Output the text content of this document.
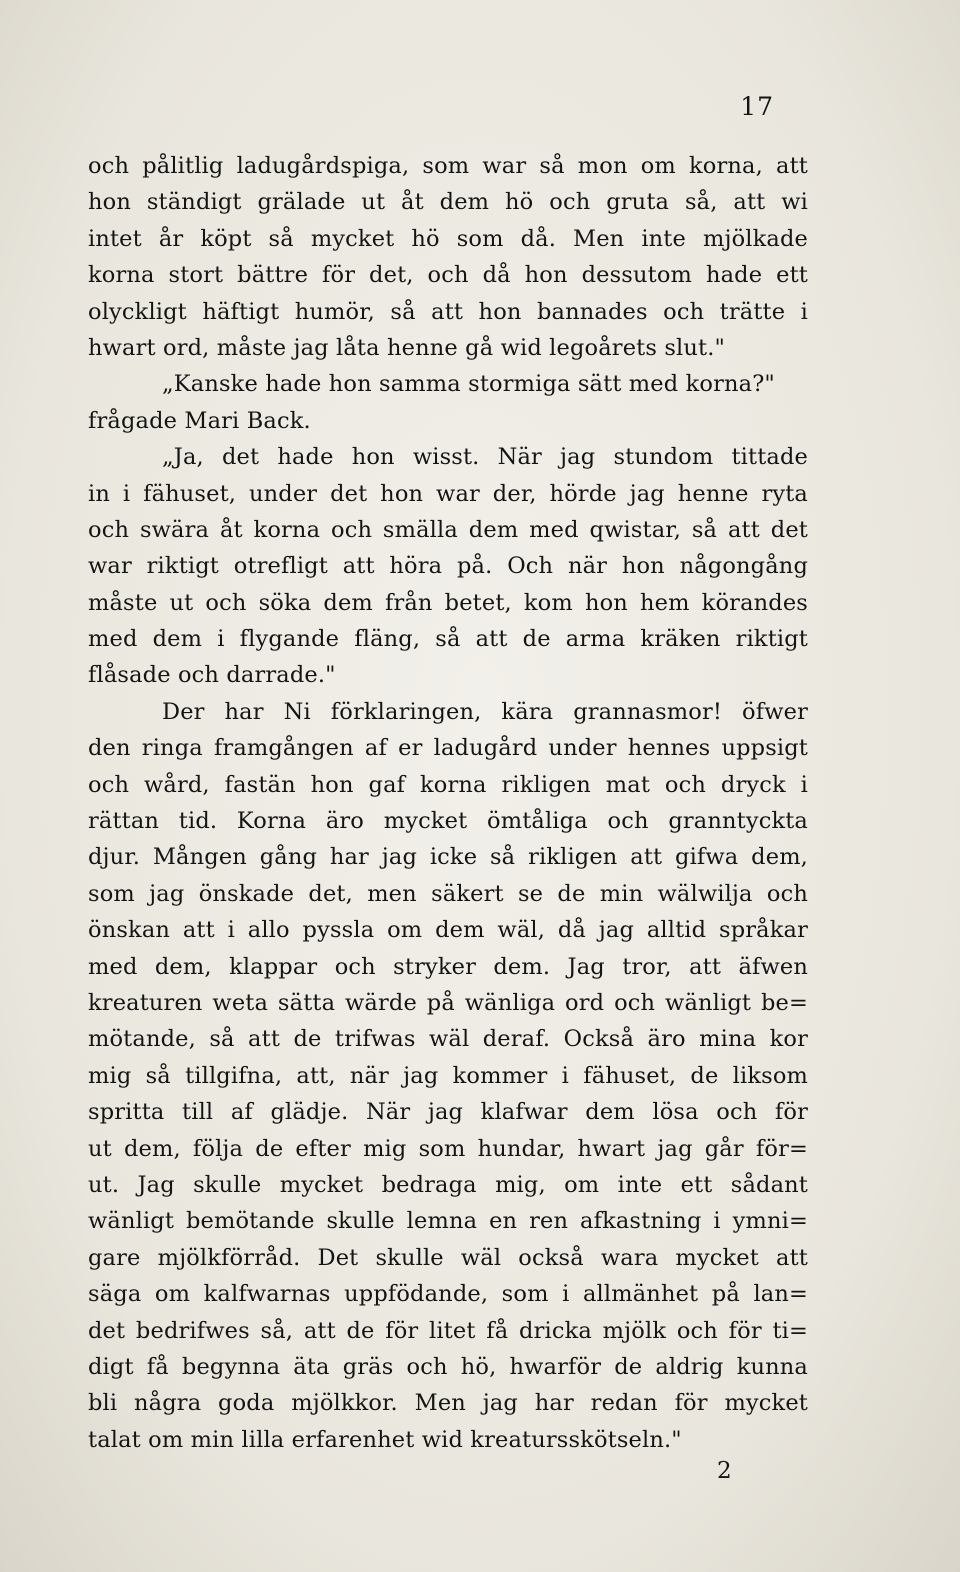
17
och pålitlig ladugårdspiga, som war så mon om korna, att
hon ständigt grälade ut åt dem hö och gruta så, att wi
intet år köpt så mycket hö som då. Men inte mjölkade
korna stort bättre för det, och då hon dessutom hade ett
olyckligt häftigt humör, så att hon bannades och trätte i
hwart ord, måste jag låta henne gå wid legoårets slut."
„Kanske hade hon samma stormiga sätt med korna?"
frågade Mari Back.
„Ja, det hade hon wisst. När jag stundom tittade
in i fähuset, under det hon war der, hörde jag henne ryta
och swära åt korna och smälla dem med qwistar, så att det
war riktigt otrefligt att höra på. Och när hon någongång
måste ut och söka dem från betet, kom hon hem körandes
med dem i flygande fläng, så att de arma kräken riktigt
flåsade och darrade."
Der har Ni förklaringen, kära grannasmor! öfwer
den ringa framgången af er ladugård under hennes uppsigt
och wård, fastän hon gaf korna rikligen mat och dryck i
rättan tid. Korna äro mycket ömtåliga och granntyckta
djur. Mången gång har jag icke så rikligen att gifwa dem,
som jag önskade det, men säkert se de min wälwilja och
önskan att i allo pyssla om dem wäl, då jag alltid språkar
med dem, klappar och stryker dem. Jag tror, att äfwen
kreaturen weta sätta wärde på wänliga ord och wänligt be=
mötande, så att de trifwas wäl deraf. Också äro mina kor
mig så tillgifna, att, när jag kommer i fähuset, de liksom
spritta till af glädje. När jag klafwar dem lösa och för
ut dem, följa de efter mig som hundar, hwart jag går för=
ut. Jag skulle mycket bedraga mig, om inte ett sådant
wänligt bemötande skulle lemna en ren afkastning i ymni=
gare mjölkförråd. Det skulle wäl också wara mycket att
säga om kalfwarnas uppfödande, som i allmänhet på lan=
det bedrifwes så, att de för litet få dricka mjölk och för ti=
digt få begynna äta gräs och hö, hwarför de aldrig kunna
bli några goda mjölkkor. Men jag har redan för mycket
talat om min lilla erfarenhet wid kreatursskötseln."
2
